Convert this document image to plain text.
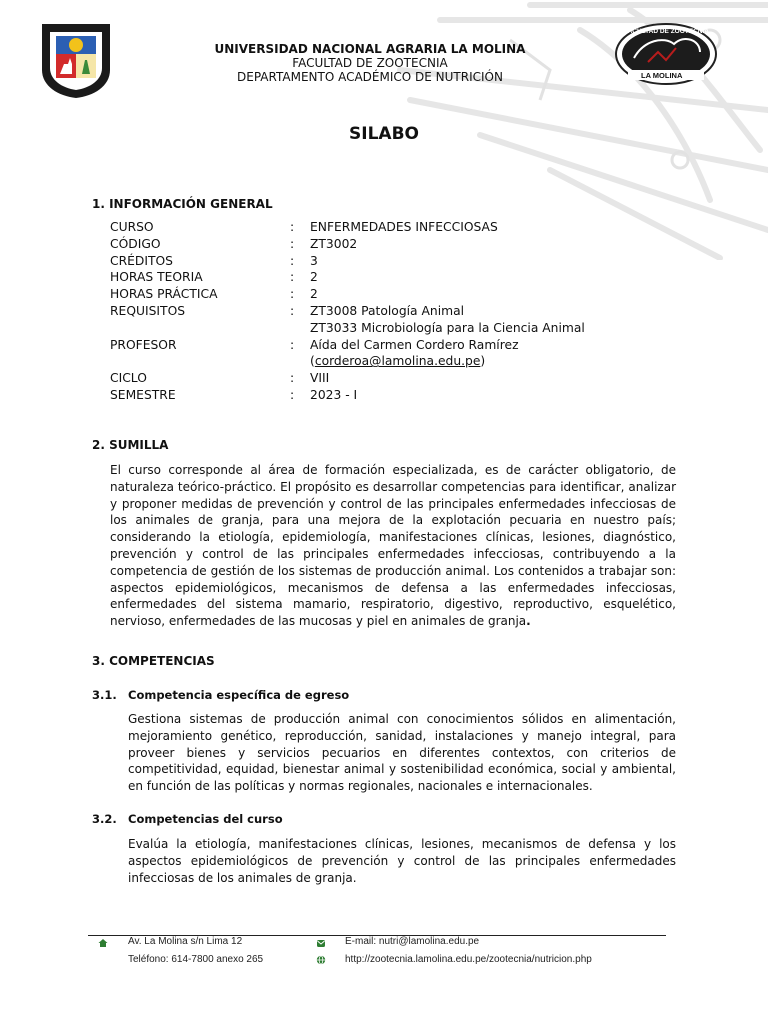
FACULTAD DE ZOOTECNIA
LA MOLINA
UNIVERSIDAD NACIONAL AGRARIA LA MOLINA
FACULTAD DE ZOOTECNIA
DEPARTAMENTO ACADÉMICO DE NUTRICIÓN
SILABO
1. INFORMACIÓN GENERAL
CURSO	: ENFERMEDADES INFECCIOSAS
CÓDIGO	: ZT3002
CRÉDITOS	: 3
HORAS TEORIA	: 2
HORAS PRÁCTICA	: 2
REQUISITOS	: ZT3008 Patología Animal
ZT3033 Microbiología para la Ciencia Animal
PROFESOR	: Aída del Carmen Cordero Ramírez
(corderoa@lamolina.edu.pe)
CICLO	: VIII
SEMESTRE	: 2023 - I
2. SUMILLA

El curso corresponde al área de formación especializada, es de carácter obligatorio, de naturaleza teórico-práctico. El propósito es desarrollar competencias para identificar, analizar y proponer medidas de prevención y control de las principales enfermedades infecciosas de los animales de granja, para una mejora de la explotación pecuaria en nuestro país; considerando la etiología, epidemiología, manifestaciones clínicas, lesiones, diagnóstico, prevención y control de las principales enfermedades infecciosas, contribuyendo a la competencia de gestión de los sistemas de producción animal. Los contenidos a trabajar son: aspectos epidemiológicos, mecanismos de defensa a las enfermedades infecciosas, enfermedades del sistema mamario, respiratorio, digestivo, reproductivo, esquelético, nervioso, enfermedades de las mucosas y piel en animales de granja.

3. COMPETENCIAS
3.1. Competencia específica de egreso

Gestiona sistemas de producción animal con conocimientos sólidos en alimentación, mejoramiento genético, reproducción, sanidad, instalaciones y manejo integral, para proveer bienes y servicios pecuarios en diferentes contextos, con criterios de competitividad, equidad, bienestar animal y sostenibilidad económica, social y ambiental, en función de las políticas y normas regionales, nacionales e internacionales.

3.2. Competencias del curso

Evalúa la etiología, manifestaciones clínicas, lesiones, mecanismos de defensa y los aspectos epidemiológicos de prevención y control de las principales enfermedades infecciosas de los animales de granja.

Av. La Molina s/n Lima 12
Teléfono: 614-7800 anexo 265
E-mail: nutri@lamolina.edu.pe
http://zootecnia.lamolina.edu.pe/zootecnia/nutricion.php
